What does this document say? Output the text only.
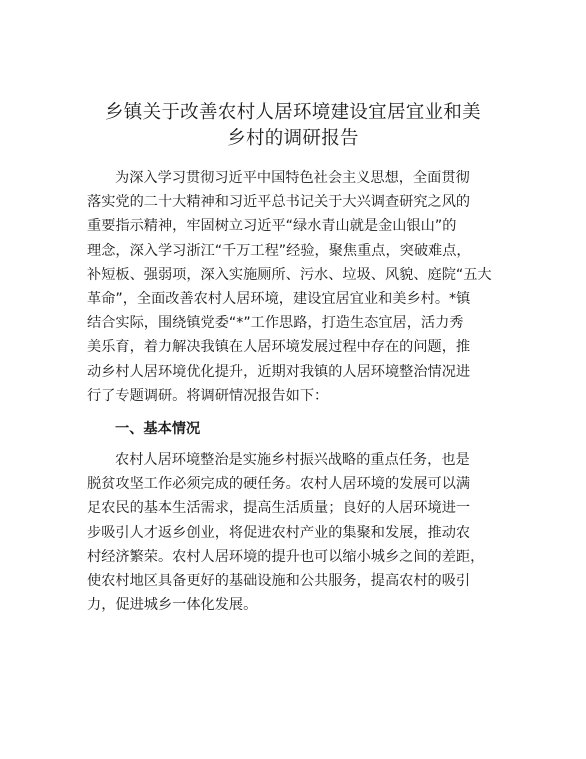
乡镇关于改善农村人居环境建设宜居宜业和美
乡村的调研报告

为深入学习贯彻习近平中国特色社会主义思想，全面贯彻
落实党的二十大精神和习近平总书记关于大兴调查研究之风的
重要指示精神，牢固树立习近平“绿水青山就是金山银山”的
理念，深入学习浙江“千万工程”经验，聚焦重点，突破难点，
补短板、强弱项，深入实施厕所、污水、垃圾、风貌、庭院“五大
革命”，全面改善农村人居环境，建设宜居宜业和美乡村。*镇
结合实际，围绕镇党委“*”工作思路，打造生态宜居，活力秀
美乐育，着力解决我镇在人居环境发展过程中存在的问题，推
动乡村人居环境优化提升，近期对我镇的人居环境整治情况进
行了专题调研。将调研情况报告如下：

一、基本情况

农村人居环境整治是实施乡村振兴战略的重点任务，也是
脱贫攻坚工作必须完成的硬任务。农村人居环境的发展可以满
足农民的基本生活需求，提高生活质量；良好的人居环境进一
步吸引人才返乡创业，将促进农村产业的集聚和发展，推动农
村经济繁荣。农村人居环境的提升也可以缩小城乡之间的差距，
使农村地区具备更好的基础设施和公共服务，提高农村的吸引
力，促进城乡一体化发展。
